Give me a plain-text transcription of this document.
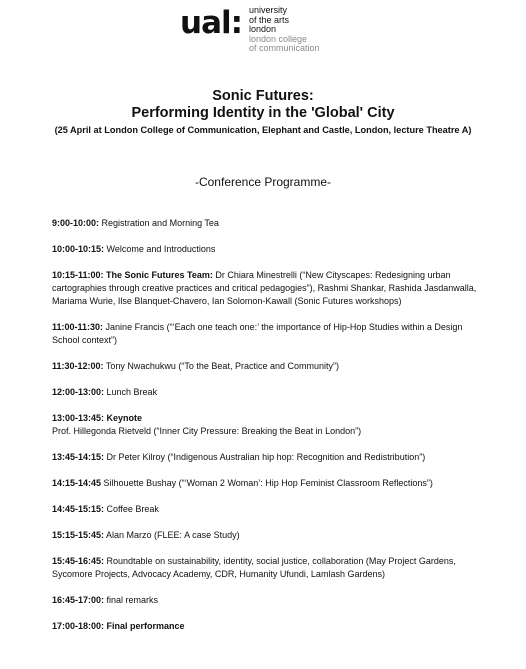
ual: university
of the arts
london
london college
of communication
Sonic Futures:
Performing Identity in the 'Global' City

(25 April at London College of Communication, Elephant and Castle, London, lecture Theatre A)

-Conference Programme-
9:00-10:00: Registration and Morning Tea
10:00-10:15: Welcome and Introductions
10:15-11:00: The Sonic Futures Team: Dr Chiara Minestrelli (“New Cityscapes: Redesigning urban cartographies through creative practices and critical pedagogies”), Rashmi Shankar, Rashida Jasdanwalla, Mariama Wurie, Ilse Blanquet-Chavero, Ian Solomon-Kawall (Sonic Futures workshops)
11:00-11:30: Janine Francis (“‘Each one teach one:’ the importance of Hip-Hop Studies within a Design School context”)
11:30-12:00: Tony Nwachukwu (“To the Beat, Practice and Community”)
12:00-13:00: Lunch Break
13:00-13:45: Keynote
Prof. Hillegonda Rietveld (“Inner City Pressure: Breaking the Beat in London”)
13:45-14:15: Dr Peter Kilroy (“Indigenous Australian hip hop: Recognition and Redistribution”)
14:15-14:45 Silhouette Bushay (“‘Woman 2 Woman’: Hip Hop Feminist Classroom Reflections”)
14:45-15:15: Coffee Break
15:15-15:45: Alan Marzo (FLEE: A case Study)
15:45-16:45: Roundtable on sustainability, identity, social justice, collaboration (May Project Gardens, Sycomore Projects, Advocacy Academy, CDR, Humanity Ufundi, Lamlash Gardens)
16:45-17:00: final remarks
17:00-18:00: Final performance
